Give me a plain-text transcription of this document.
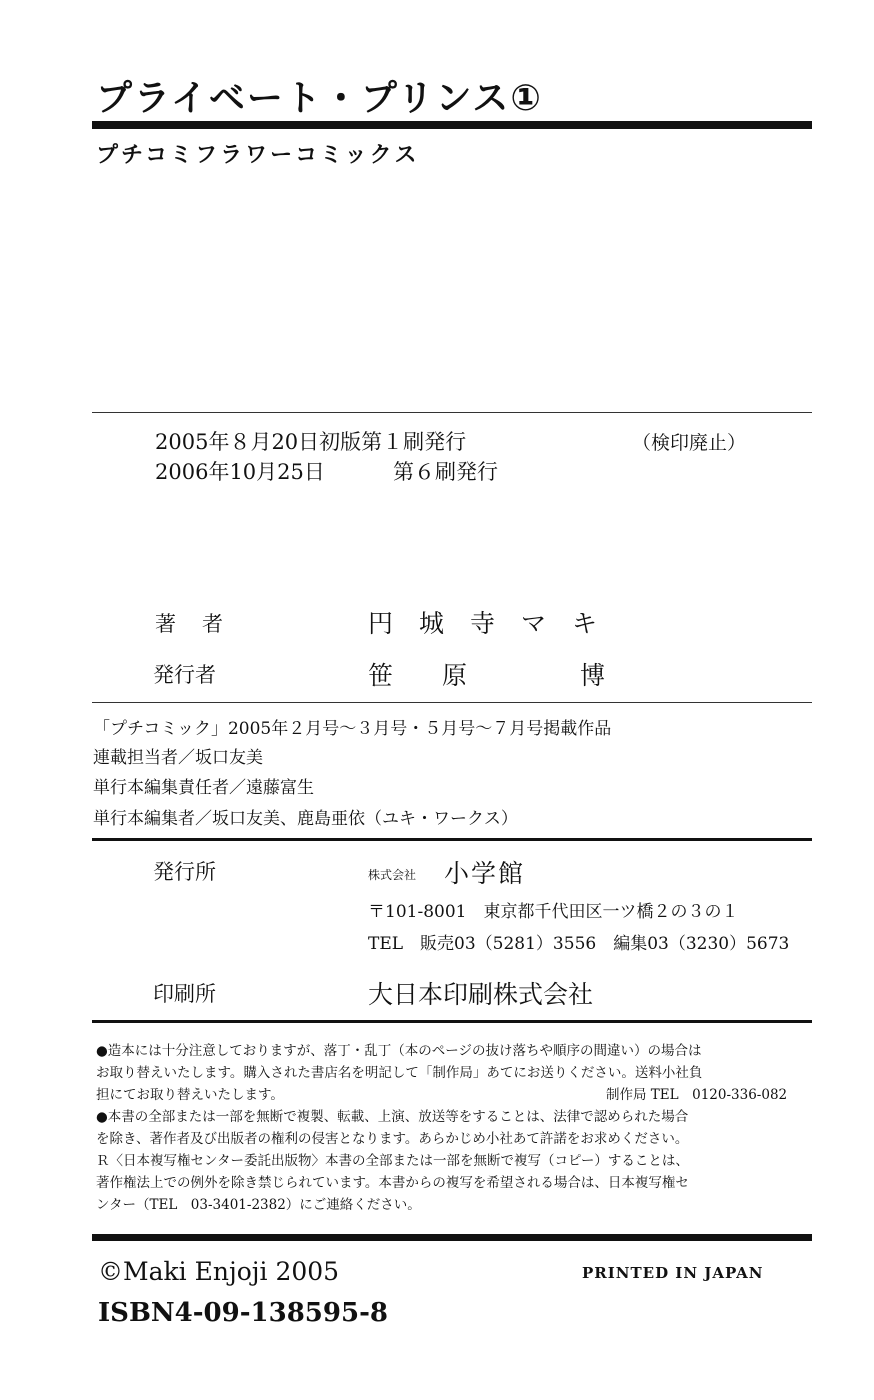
プライベート・プリンス①
プチコミフラワーコミックス
2005年８月20日初版第１刷発行	（検印廃止）
2006年10月25日	第６刷発行
著者	円城寺マキ
発行者	笹　原	博
「プチコミック」2005年２月号～３月号・５月号～７月号掲載作品
連載担当者／坂口友美
単行本編集責任者／遠藤富生
単行本編集者／坂口友美、鹿島亜依（ユキ・ワークス）
発行所	株式会社 小学館
〒101-8001　東京都千代田区一ツ橋２の３の１
TEL　販売03（5281）3556　編集03（3230）5673
印刷所	大日本印刷株式会社
●造本には十分注意しておりますが、落丁・乱丁（本のページの抜け落ちや順序の間違い）の場合は
お取り替えいたします。購入された書店名を明記して「制作局」あてにお送りください。送料小社負
担にてお取り替えいたします。	制作局 TEL　0120-336-082
●本書の全部または一部を無断で複製、転載、上演、放送等をすることは、法律で認められた場合
を除き、著作者及び出版者の権利の侵害となります。あらかじめ小社あて許諾をお求めください。
Ｒ〈日本複写権センター委託出版物〉本書の全部または一部を無断で複写（コピー）することは、
著作権法上での例外を除き禁じられています。本書からの複写を希望される場合は、日本複写権セ
ンター（TEL　03-3401-2382）にご連絡ください。
©Maki Enjoji 2005	PRINTED IN JAPAN
ISBN4-09-138595-8
